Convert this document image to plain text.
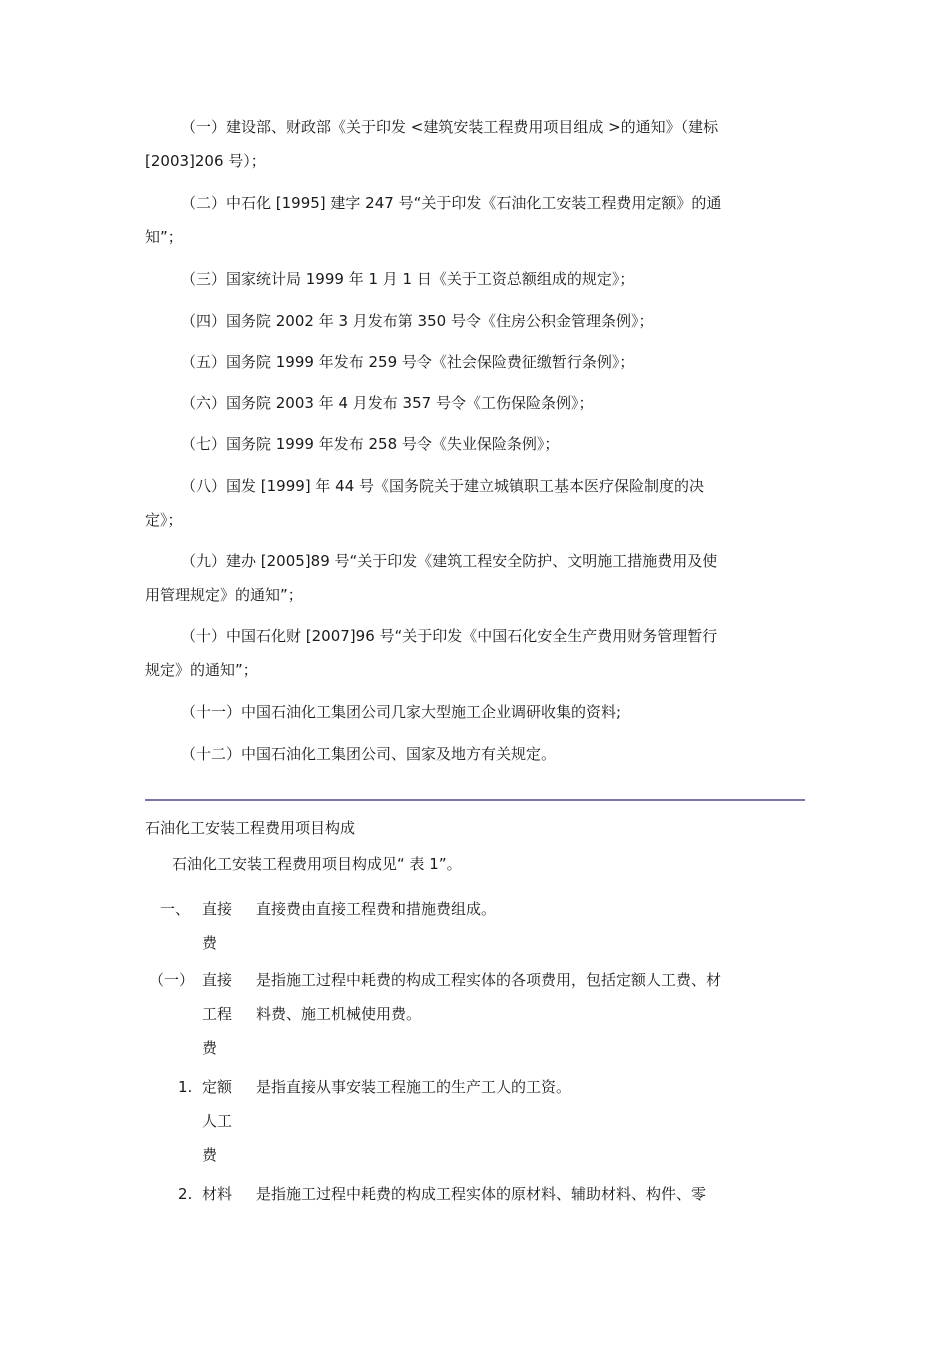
（一）建设部、财政部《关于印发 <建筑安装工程费用项目组成 >的通知》（建标
[2003]206 号）；
（二）中石化 [1995] 建字 247 号“关于印发《石油化工安装工程费用定额》的通
知”；
（三）国家统计局 1999 年 1 月 1 日《关于工资总额组成的规定》；
（四）国务院 2002 年 3 月发布第 350 号令《住房公积金管理条例》；
（五）国务院 1999 年发布 259 号令《社会保险费征缴暂行条例》；
（六）国务院 2003 年 4 月发布 357 号令《工伤保险条例》；
（七）国务院 1999 年发布 258 号令《失业保险条例》；
（八）国发 [1999] 年 44 号《国务院关于建立城镇职工基本医疗保险制度的决
定》；
（九）建办 [2005]89 号“关于印发《建筑工程安全防护、文明施工措施费用及使
用管理规定》的通知”；
（十）中国石化财 [2007]96 号“关于印发《中国石化安全生产费用财务管理暂行
规定》的通知”；
（十一）中国石油化工集团公司几家大型施工企业调研收集的资料;
（十二）中国石油化工集团公司、国家及地方有关规定。
石油化工安装工程费用项目构成
石油化工安装工程费用项目构成见“ 表 1”。
一、 直接费
直接费由直接工程费和措施费组成。
（一） 直接工程费
是指施工过程中耗费的构成工程实体的各项费用，包括定额人工费、材
料费、施工机械使用费。
1. 定额人工费
是指直接从事安装工程施工的生产工人的工资。
2. 材料	是指施工过程中耗费的构成工程实体的原材料、辅助材料、构件、零
